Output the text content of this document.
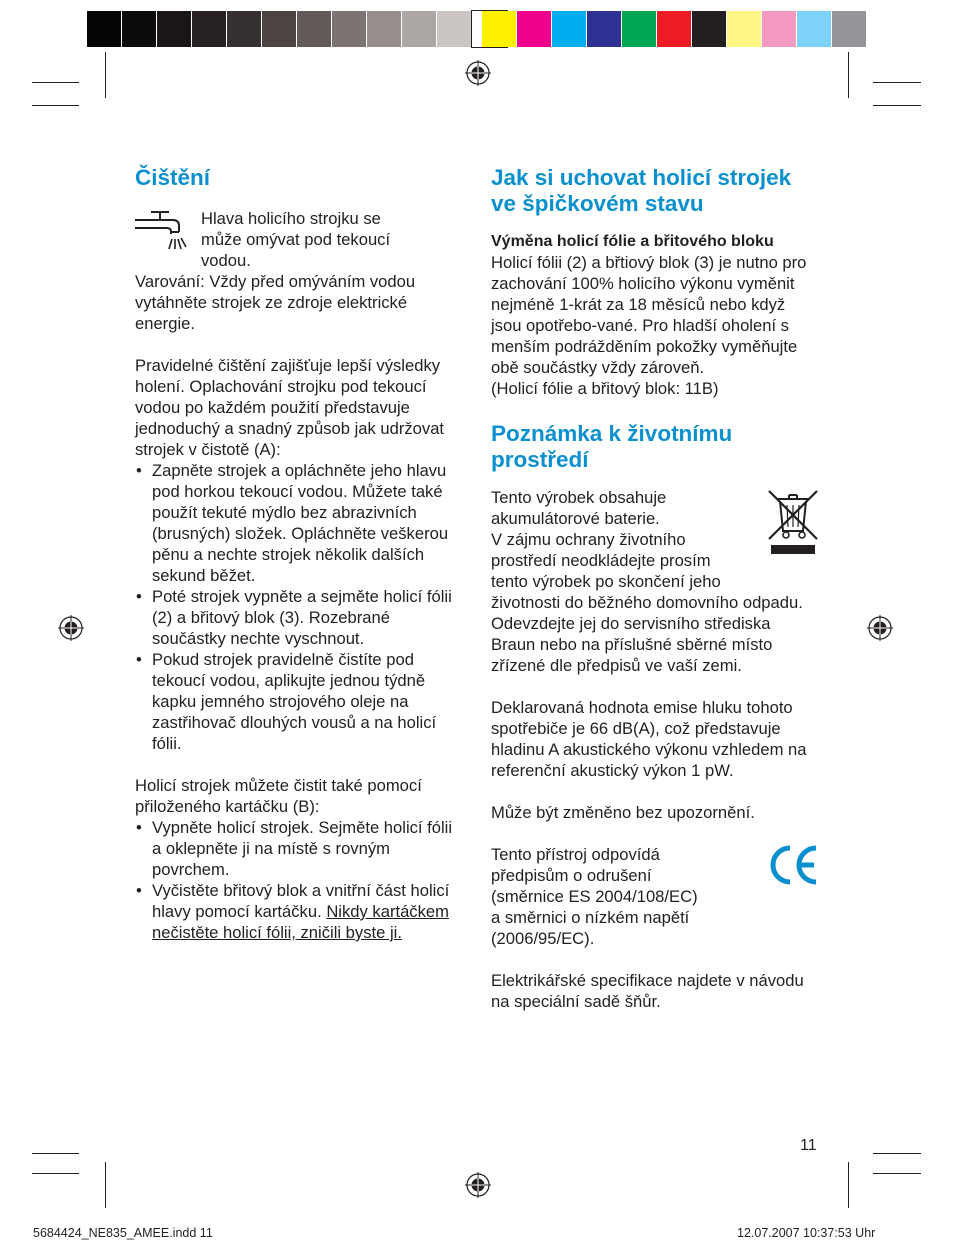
Čištění

Hlava holicího strojku se

může omývat pod tekoucí

vodou.

Varování: Vždy před omýváním vodou vytáhněte strojek ze zdroje elektrické energie.

Pravidelné čištění zajišťuje lepší výsledky holení. Oplachování strojku pod tekoucí vodou po každém použití představuje jednoduchý a snadný způsob jak udržovat strojek v čistotě (A):

• Zapněte strojek a opláchněte jeho hlavu pod horkou tekoucí vodou. Můžete také použít tekuté mýdlo bez abrazivních (brusných) složek. Opláchněte veškerou pěnu a nechte strojek několik dalších sekund běžet.
• Poté strojek vypněte a sejměte holicí fólii (2) a břitový blok (3). Rozebrané součástky nechte vyschnout.
• Pokud strojek pravidelně čistíte pod tekoucí vodou, aplikujte jednou týdně kapku jemného strojového oleje na zastřihovač dlouhých vousů a na holicí fólii.

Holicí strojek můžete čistit také pomocí přiloženého kartáčku (B):

• Vypněte holicí strojek. Sejměte holicí fólii a oklepněte ji na místě s rovným povrchem.
• Vyčistěte břitový blok a vnitřní část holicí hlavy pomocí kartáčku. Nikdy kartáčkem nečistěte holicí fólii, zničili byste ji.
Jak si uchovat holicí strojek ve špičkovém stavu

Výměna holicí fólie a břitového bloku

Holicí fólii (2) a břtiový blok (3) je nutno pro zachování 100% holicího výkonu vyměnit nejméně 1-krát za 18 měsíců nebo když jsou opotřebo-vané. Pro hladší oholení s menším podrážděním pokožky vyměňujte obě součástky vždy zároveň.

(Holicí fólie a břitový blok: 11B)

Poznámka k životnímu prostředí

Tento výrobek obsahuje

akumulátorové baterie.

V zájmu ochrany životního

prostředí neodkládejte prosím

tento výrobek po skončení jeho

životnosti do běžného domovního odpadu. Odevzdejte jej do servisního střediska Braun nebo na příslušné sběrné místo zřízené dle předpisů ve vaší zemi.

Deklarovaná hodnota emise hluku tohoto spotřebiče je 66 dB(A), což představuje hladinu A akustického výkonu vzhledem na referenční akustický výkon 1 pW.

Může být změněno bez upozornění.

Tento přístroj odpovídá

předpisům o odrušení

(směrnice ES 2004/108/EC)

a směrnici o nízkém napětí

(2006/95/EC).

Elektrikářské specifikace najdete v návodu na speciální sadě šňůr.

11
5684424_NE835_AMEE.indd 11	12.07.2007 10:37:53 Uhr
